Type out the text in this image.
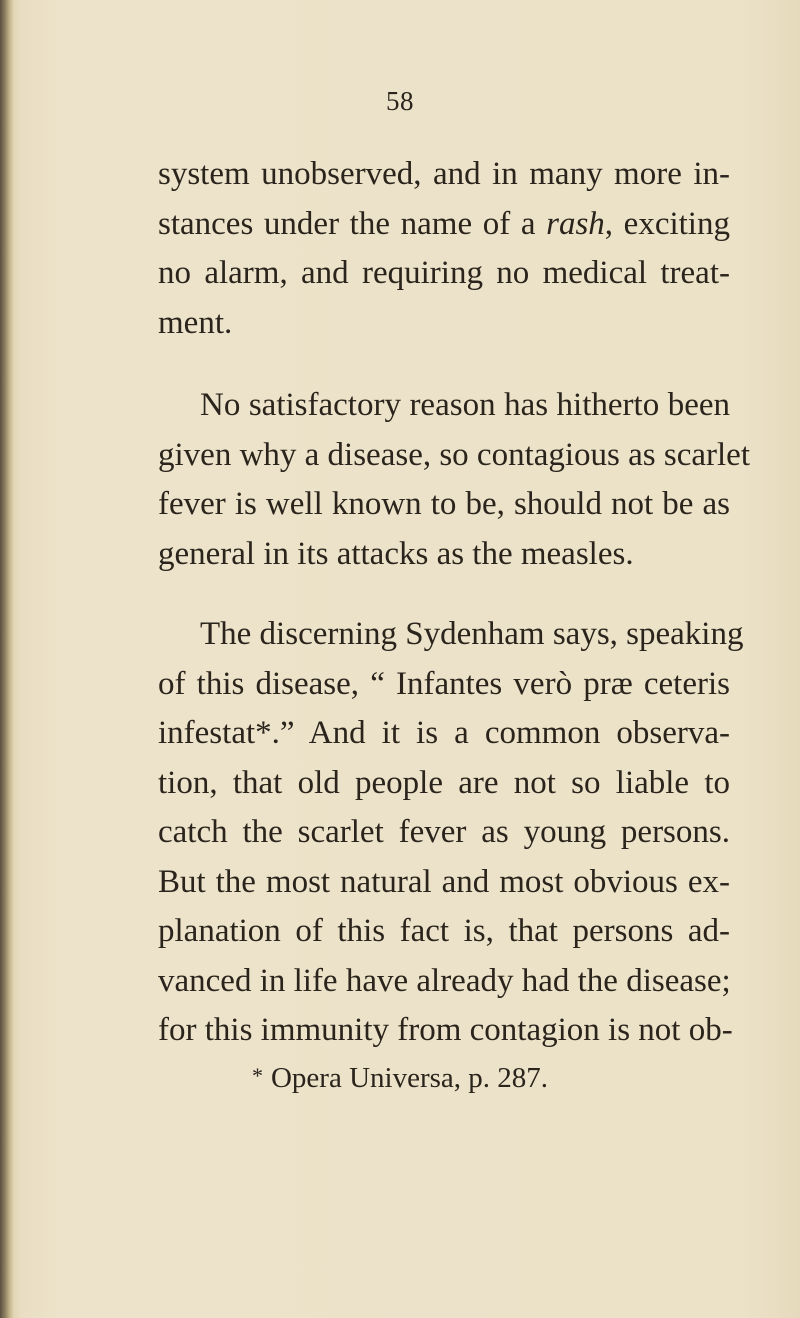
58

system unobserved, and in many more in-
stances under the name of a rash, exciting
no alarm, and requiring no medical treat-
ment.

No satisfactory reason has hitherto been
given why a disease, so contagious as scarlet
fever is well known to be, should not be as
general in its attacks as the measles.

The discerning Sydenham says, speaking
of this disease, “ Infantes verò præ ceteris
infestat*.” And it is a common observa-
tion, that old people are not so liable to
catch the scarlet fever as young persons.
But the most natural and most obvious ex-
planation of this fact is, that persons ad-
vanced in life have already had the disease;
for this immunity from contagion is not ob-

* Opera Universa, p. 287.
